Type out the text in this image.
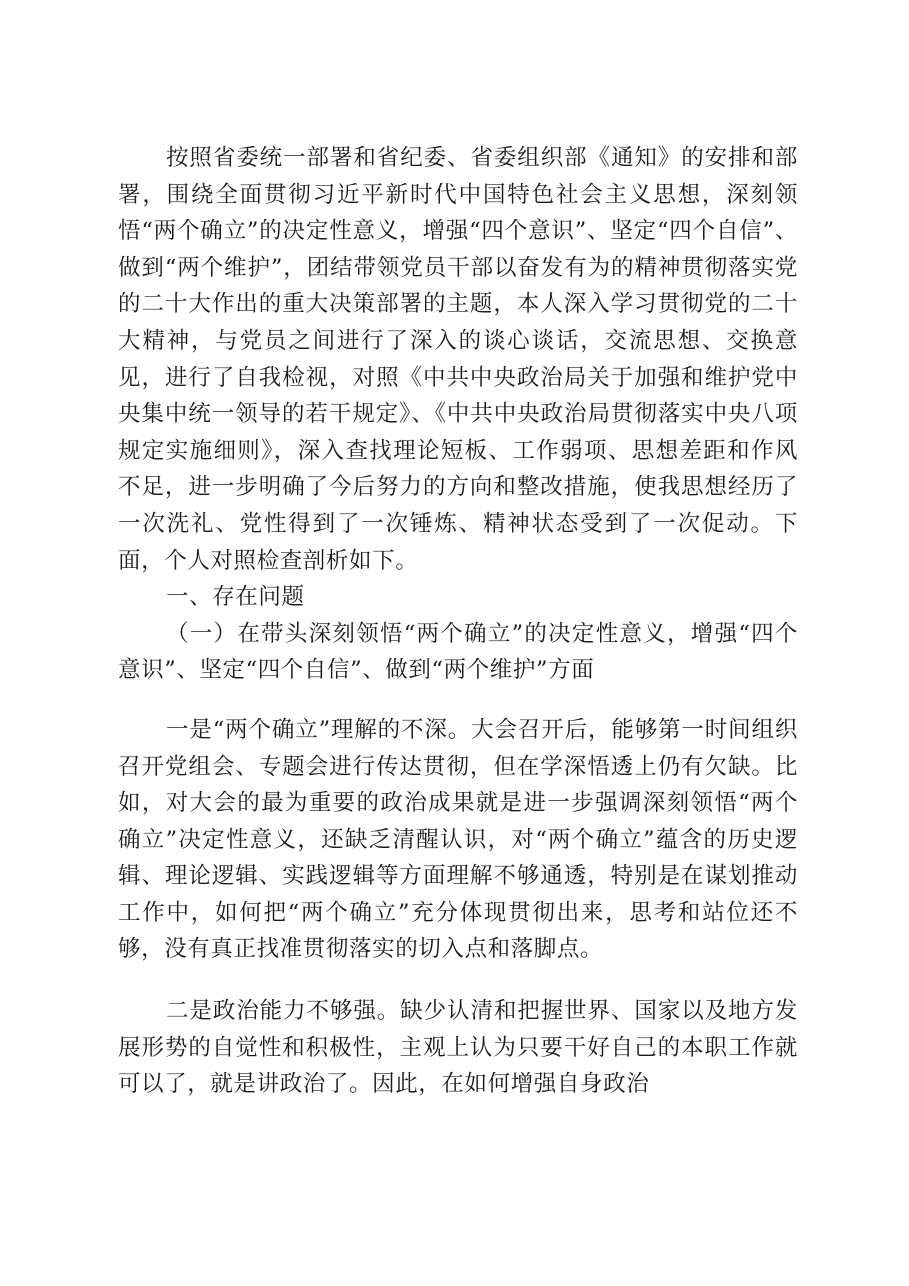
按照省委统一部署和省纪委、省委组织部《通知》的安排和部署，围绕全面贯彻习近平新时代中国特色社会主义思想，深刻领悟“两个确立”的决定性意义，增强“四个意识”、坚定“四个自信”、做到“两个维护”，团结带领党员干部以奋发有为的精神贯彻落实党的二十大作出的重大决策部署的主题，本人深入学习贯彻党的二十大精神，与党员之间进行了深入的谈心谈话，交流思想、交换意见，进行了自我检视，对照《中共中央政治局关于加强和维护党中央集中统一领导的若干规定》、《中共中央政治局贯彻落实中央八项规定实施细则》，深入查找理论短板、工作弱项、思想差距和作风不足，进一步明确了今后努力的方向和整改措施，使我思想经历了一次洗礼、党性得到了一次锤炼、精神状态受到了一次促动。下面，个人对照检查剖析如下。

一、存在问题

（一）在带头深刻领悟“两个确立”的决定性意义，增强“四个意识”、坚定“四个自信”、做到“两个维护”方面

一是“两个确立”理解的不深。大会召开后，能够第一时间组织召开党组会、专题会进行传达贯彻，但在学深悟透上仍有欠缺。比如，对大会的最为重要的政治成果就是进一步强调深刻领悟“两个确立”决定性意义，还缺乏清醒认识，对“两个确立”蕴含的历史逻辑、理论逻辑、实践逻辑等方面理解不够通透，特别是在谋划推动工作中，如何把“两个确立”充分体现贯彻出来，思考和站位还不够，没有真正找准贯彻落实的切入点和落脚点。

二是政治能力不够强。缺少认清和把握世界、国家以及地方发展形势的自觉性和积极性，主观上认为只要干好自己的本职工作就可以了，就是讲政治了。因此，在如何增强自身政治
